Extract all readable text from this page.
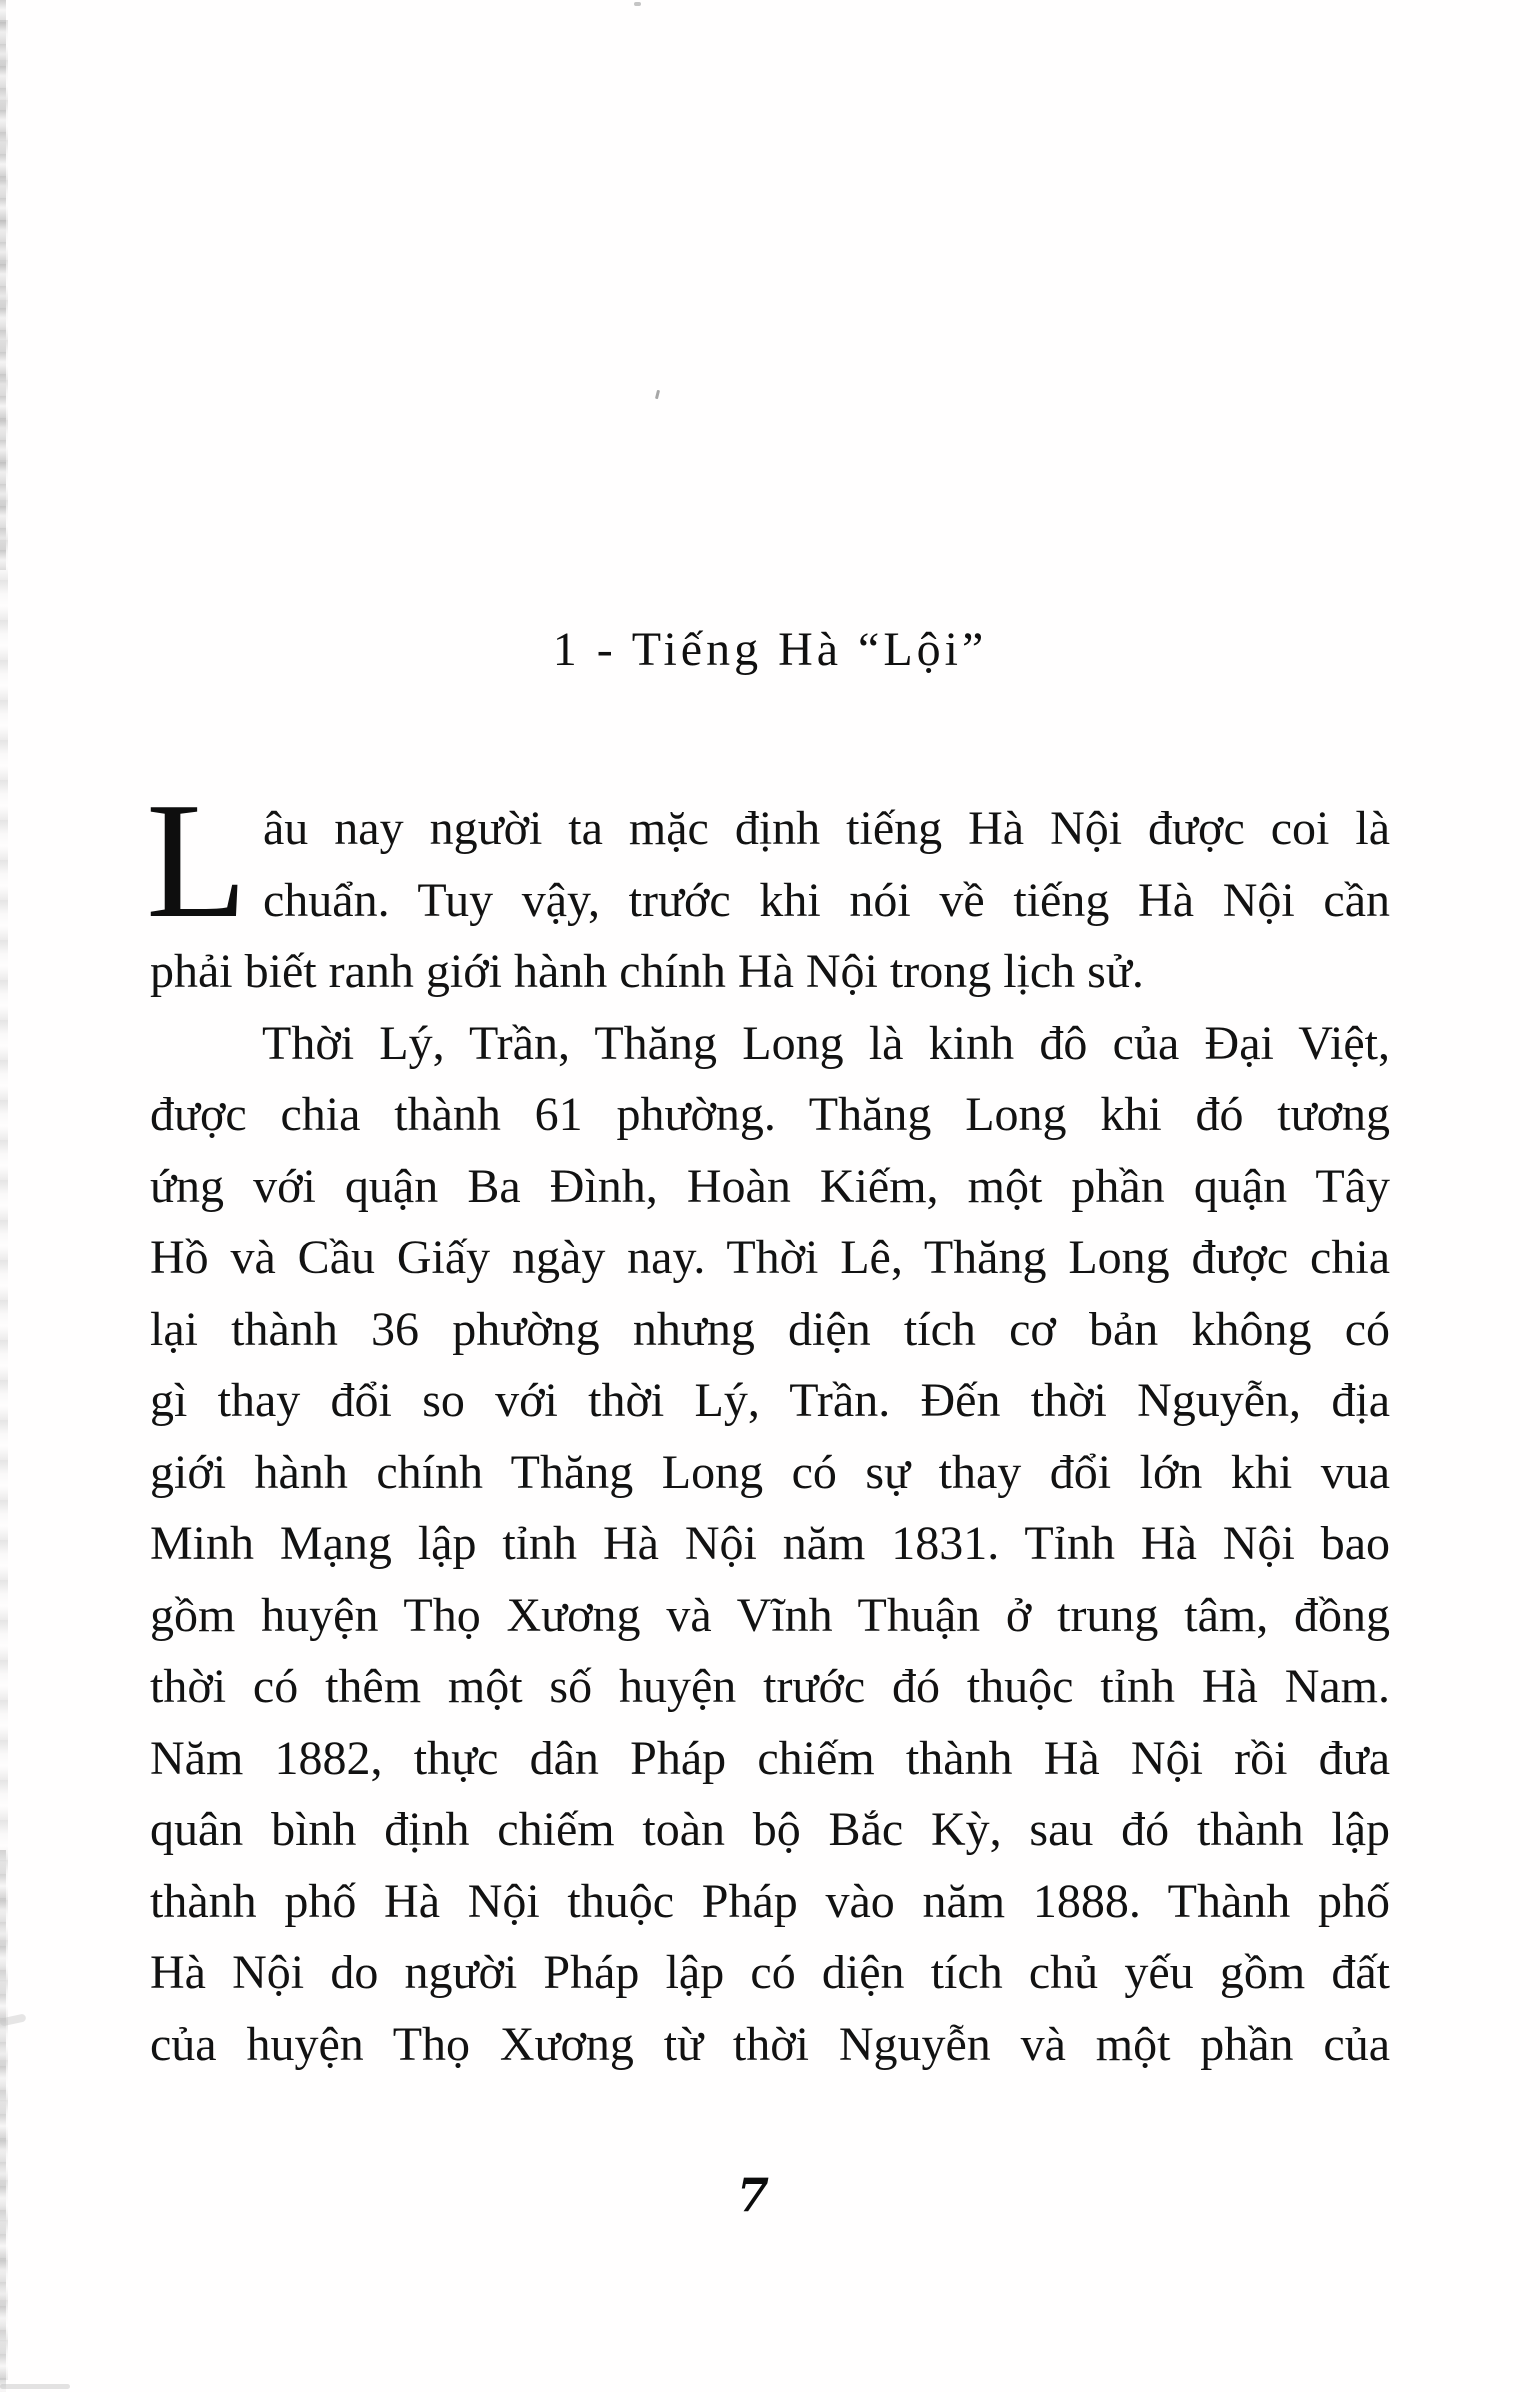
1 - Tiếng Hà “Lội”
L âu nay người ta mặc định tiếng Hà Nội được coi là
chuẩn. Tuy vậy, trước khi nói về tiếng Hà Nội cần
phải biết ranh giới hành chính Hà Nội trong lịch sử.
Thời Lý, Trần, Thăng Long là kinh đô của Đại Việt,
được chia thành 61 phường. Thăng Long khi đó tương
ứng với quận Ba Đình, Hoàn Kiếm, một phần quận Tây
Hồ và Cầu Giấy ngày nay. Thời Lê, Thăng Long được chia
lại thành 36 phường nhưng diện tích cơ bản không có
gì thay đổi so với thời Lý, Trần. Đến thời Nguyễn, địa
giới hành chính Thăng Long có sự thay đổi lớn khi vua
Minh Mạng lập tỉnh Hà Nội năm 1831. Tỉnh Hà Nội bao
gồm huyện Thọ Xương và Vĩnh Thuận ở trung tâm, đồng
thời có thêm một số huyện trước đó thuộc tỉnh Hà Nam.
Năm 1882, thực dân Pháp chiếm thành Hà Nội rồi đưa
quân bình định chiếm toàn bộ Bắc Kỳ, sau đó thành lập
thành phố Hà Nội thuộc Pháp vào năm 1888. Thành phố
Hà Nội do người Pháp lập có diện tích chủ yếu gồm đất
của huyện Thọ Xương từ thời Nguyễn và một phần của
7
